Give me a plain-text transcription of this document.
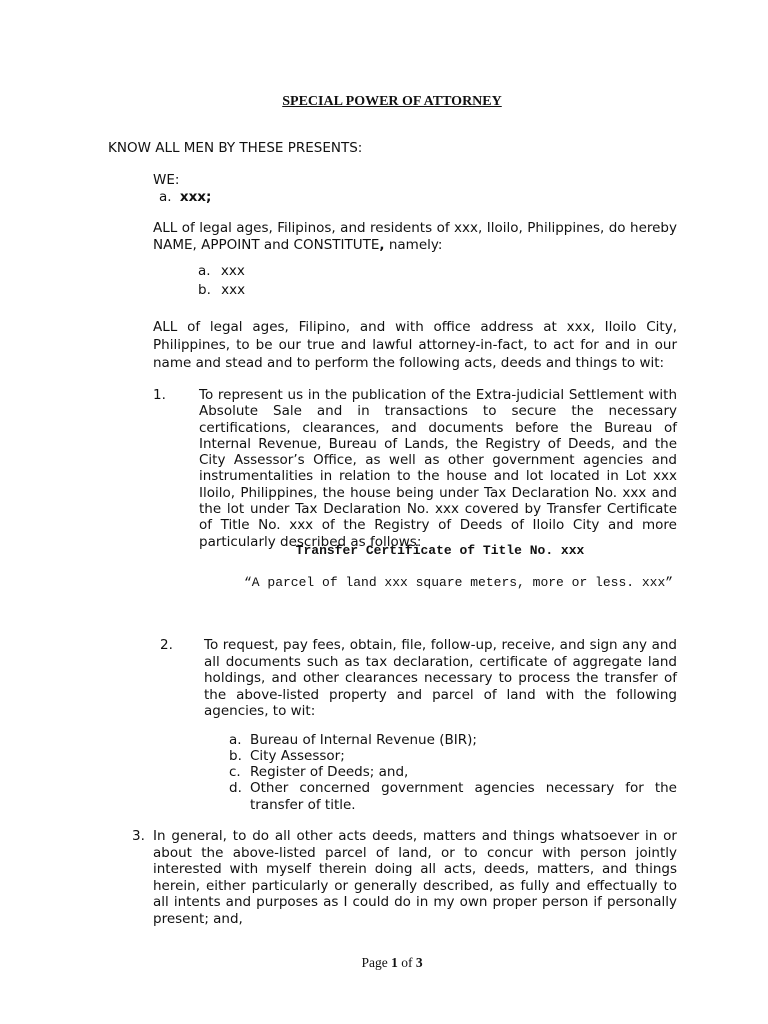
SPECIAL POWER OF ATTORNEY
KNOW ALL MEN BY THESE PRESENTS:
WE:
a. xxx;
ALL of legal ages, Filipinos, and residents of xxx, Iloilo, Philippines, do hereby
NAME, APPOINT and CONSTITUTE, namely:
a. xxx
b. xxx
ALL of legal ages, Filipino, and with office address at xxx, Iloilo City, Philippines, to be our true and lawful attorney-in-fact, to act for and in our name and stead and to perform the following acts, deeds and things to wit:
1. To represent us in the publication of the Extra-judicial Settlement with Absolute Sale and in transactions to secure the necessary certifications, clearances, and documents before the Bureau of Internal Revenue, Bureau of Lands, the Registry of Deeds, and the City Assessor’s Office, as well as other government agencies and instrumentalities in relation to the house and lot located in Lot xxx Iloilo, Philippines, the house being under Tax Declaration No. xxx and the lot under Tax Declaration No. xxx covered by Transfer Certificate of Title No. xxx of the Registry of Deeds of Iloilo City and more particularly described as follows:
Transfer Certificate of Title No. xxx
“A parcel of land xxx square meters, more or less. xxx”
2. To request, pay fees, obtain, file, follow-up, receive, and sign any and all documents such as tax declaration, certificate of aggregate land holdings, and other clearances necessary to process the transfer of the above-listed property and parcel of land with the following agencies, to wit:
a. Bureau of Internal Revenue (BIR);
b. City Assessor;
c. Register of Deeds; and,
d. Other concerned government agencies necessary for the transfer of title.
3. In general, to do all other acts deeds, matters and things whatsoever in or about the above-listed parcel of land, or to concur with person jointly interested with myself therein doing all acts, deeds, matters, and things herein, either particularly or generally described, as fully and effectually to all intents and purposes as I could do in my own proper person if personally present; and,
Page 1 of 3
